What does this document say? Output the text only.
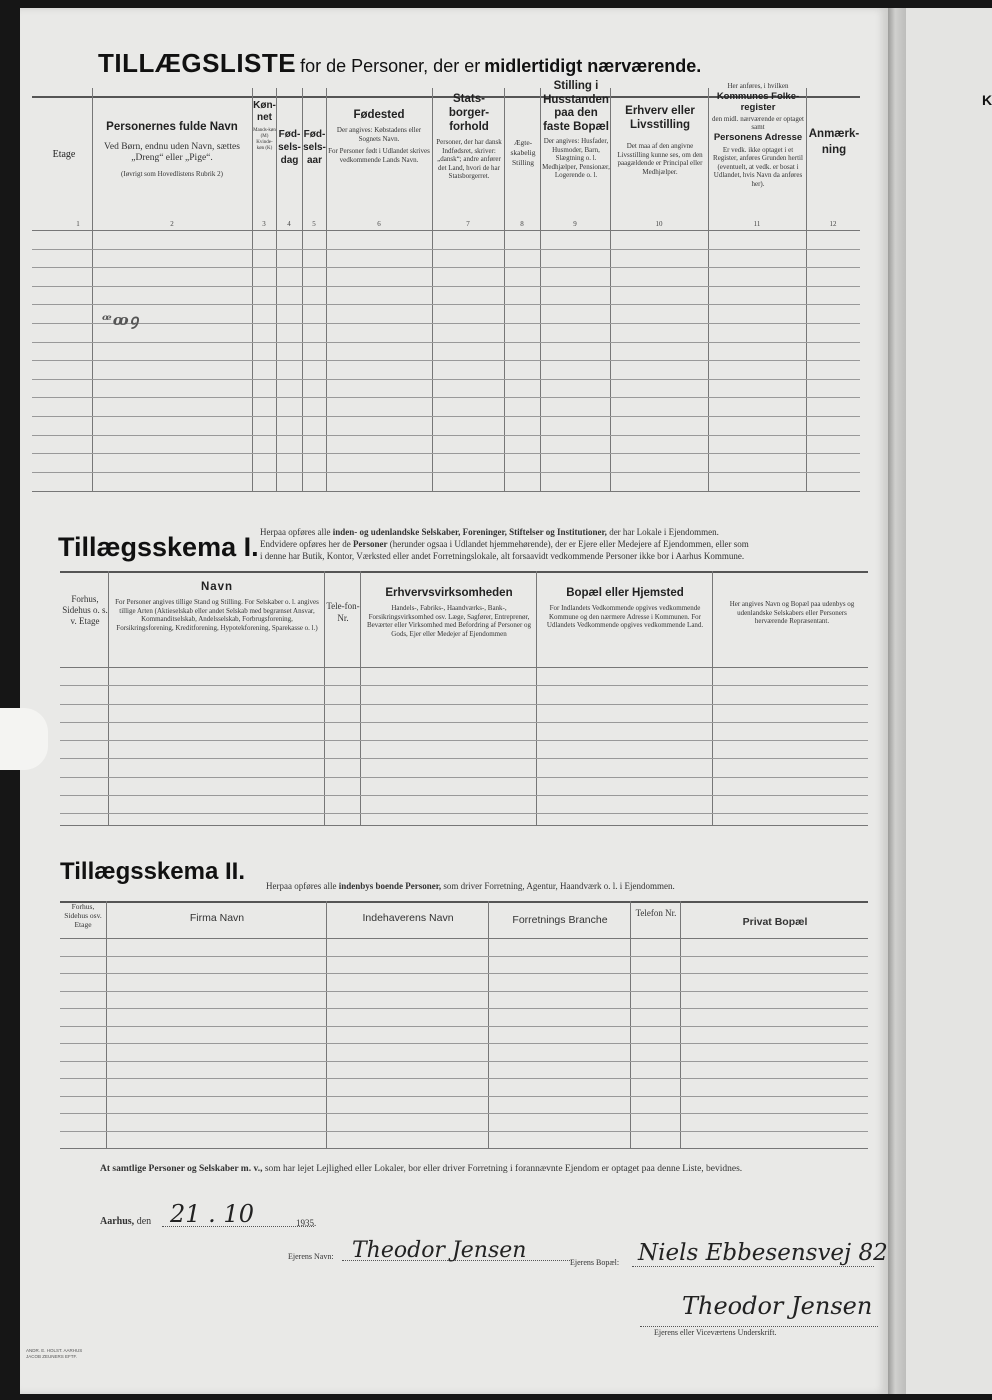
TILLÆGSLISTE for de Personer, der er midlertidigt nærværende.
Etage
Personernes fulde Navn
Ved Børn, endnu uden Navn, sættes „Dreng“ eller „Pige“.
(Iøvrigt som Hovedlistens Rubrik 2)
Køn-net
Mands-køn (M) Kvinde-køn (K)
Fød-sels-dag
Fød-sels-aar
Fødested
Der angives: Købstadens eller Sognets Navn.
For Personer født i Udlandet skrives vedkommende Lands Navn.
Stats-borger-forhold
Personer, der har dansk Indfødsret, skriver: „dansk“; andre anfører det Land, hvori de har Statsborgerret.
Ægte-skabelig Stilling
Stilling i Husstanden paa den faste Bopæl
Der angives: Husfader, Husmoder, Barn, Slægtning o. l. Medhjælper, Pensionær, Logerende o. l.
Erhverv eller Livsstilling
Det maa af den angivne Livsstilling kunne ses, om den paagældende er Principal eller Medhjælper.
Her anføres, i hvilken
Kommunes Folke-register
den midl. nærværende er optaget samt
Personens Adresse
Er vedk. ikke optaget i et Register, anføres Grunden hertil (eventuelt, at vedk. er bosat i Udlandet, hvis Navn da anføres her).
Anmærk-ning
1	2	3	4	5	6	7	8	9	10	11	12
ꟹꝏꝯ
Tillægsskema I. Herpaa opføres alle inden- og udenlandske Selskaber, Foreninger, Stiftelser og Institutioner, der har Lokale i Ejendommen.
Endvidere opføres her de Personer (herunder ogsaa i Udlandet hjemmehørende), der er Ejere eller Medejere af Ejendommen, eller som
i denne har Butik, Kontor, Værksted eller andet Forretningslokale, alt forsaavidt vedkommende Personer ikke bor i Aarhus Kommune.
Forhus, Sidehus o. s. v. Etage
Navn
For Personer angives tillige Stand og Stilling. For Selskaber o. l. angives tillige Arten (Aktieselskab eller andet Selskab med begrænset Ansvar, Kommanditselskab, Andelsselskab, Forbrugsforening, Forsikringsforening, Kreditforening, Hypotekforening, Sparekasse o. l.)
Tele-fon-Nr.
Erhvervsvirksomheden
Handels-, Fabriks-, Haandværks-, Bank-, Forsikringsvirksomhed osv. Læge, Sagfører, Entreprenør, Beværter eller Virksomhed med Befordring af Personer og Gods, Ejer eller Medejer af Ejendommen
Bopæl eller Hjemsted
For Indlandets Vedkommende opgives vedkommende Kommune og den nærmere Adresse i Kommunen. For Udlandets Vedkommende opgives vedkommende Land.
Her angives Navn og Bopæl paa udenbys og udenlandske Selskabers eller Personers herværende Repræsentant.
Tillægsskema II.
Herpaa opføres alle indenbys boende Personer, som driver Forretning, Agentur, Haandværk o. l. i Ejendommen.
Forhus, Sidehus osv. Etage
Firma Navn	Indehaverens Navn	Forretnings Branche
Telefon Nr.
Privat Bopæl
At samtlige Personer og Selskaber m. v., som har lejet Lejlighed eller Lokaler, bor eller driver Forretning i forannævnte Ejendom er optaget paa denne Liste, bevidnes.
Aarhus, den 21 . 10	1935.
Ejerens Navn: Theodor Jensen	Ejerens Bopæl: Niels Ebbesensvej 82
Theodor Jensen
Ejerens eller Viceværtens Underskrift.
ANDR. E. HOLST. AARHUS JACOB ZEUNERS EFTF.
K
